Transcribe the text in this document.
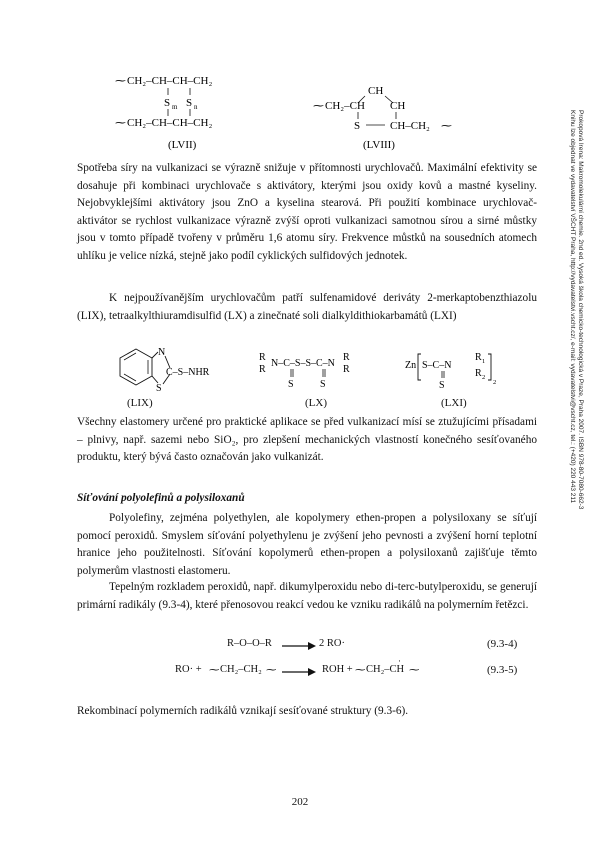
Prokopová Irena: Makromolekulární chemie. 2nd ed. Vysoká škola chemicko-technologická v Praze, Praha 2007. ISBN 978-80-7080-662-3
Knihu lze objednat ve vydavatelství VŠCHT Praha, http://vydavatelstvi.vscht.cz/, e-mail: vydavatelstvi@vscht.cz, tel.: (+420) 220 443 211
⁓ CH₂–CH–CH–CH₂
S m S n
⁓ CH₂–CH–CH–CH₂
(LVII)
CH
⁓ CH₂–CH CH
S	CH–CH₂ ⁓
(LVIII)

Spotřeba síry na vulkanizaci se výrazně snižuje v přítomnosti urychlovačů. Maximální efektivity se dosahuje při kombinaci urychlovače s aktivátory, kterými jsou oxidy kovů a mastné kyseliny. Nejobvyklejšími aktivátory jsou ZnO a kyselina stearová. Při použití kombinace urychlovač-aktivátor se rychlost vulkanizace výrazně zvýší oproti vulkanizaci samotnou sírou a sirné můstky jsou v tomto případě tvořeny v průměru 1,6 atomu síry. Frekvence můstků na sousedních atomech uhlíku je velice nízká, stejně jako podíl cyklických sulfidových jednotek.

K nejpoužívanějším urychlovačům patří sulfenamidové deriváty 2-merkaptobenzthiazolu (LIX), tetraalkylthiuramdisulfid (LX) a zinečnaté soli dialkyldithiokarbamátů (LXI)

N
S
C–S–NHR
(LIX)
R
R
N–C–S–S–C–N
R
R
S	S
(LX)
Zn S–C–N
R 1
R 2
S	2
(LXI)

Všechny elastomery určené pro praktické aplikace se před vulkanizací mísí se ztužujícími přísadami – plnivy, např. sazemi nebo SiO₂, pro zlepšení mechanických vlastností konečného sesíťovaného produktu, který bývá často označován jako vulkanizát.

Síťování polyolefinů a polysiloxanů

Polyolefiny, zejména polyethylen, ale kopolymery ethen-propen a polysiloxany se síťují pomocí peroxidů. Smyslem síťování polyethylenu je zvýšení jeho pevnosti a zvýšení horní teplotní hranice jeho použitelnosti. Síťování kopolymerů ethen-propen a polysiloxanů zajišťuje těmto polymerům vlastnosti elastomeru.

Tepelným rozkladem peroxidů, např. dikumylperoxidu nebo di-terc-butylperoxidu, se generují primární radikály (9.3-4), které přenosovou reakcí vedou ke vzniku radikálů na polymerním řetězci.

R–O–O–R → 2 RO·	(9.3-4)
RO· + ⁓ CH₂–CH₂ ⁓ → ROH + ⁓ CH₂–CH
·
⁓	(9.3-5)

Rekombinací polymerních radikálů vznikají sesíťované struktury (9.3-6).

202
